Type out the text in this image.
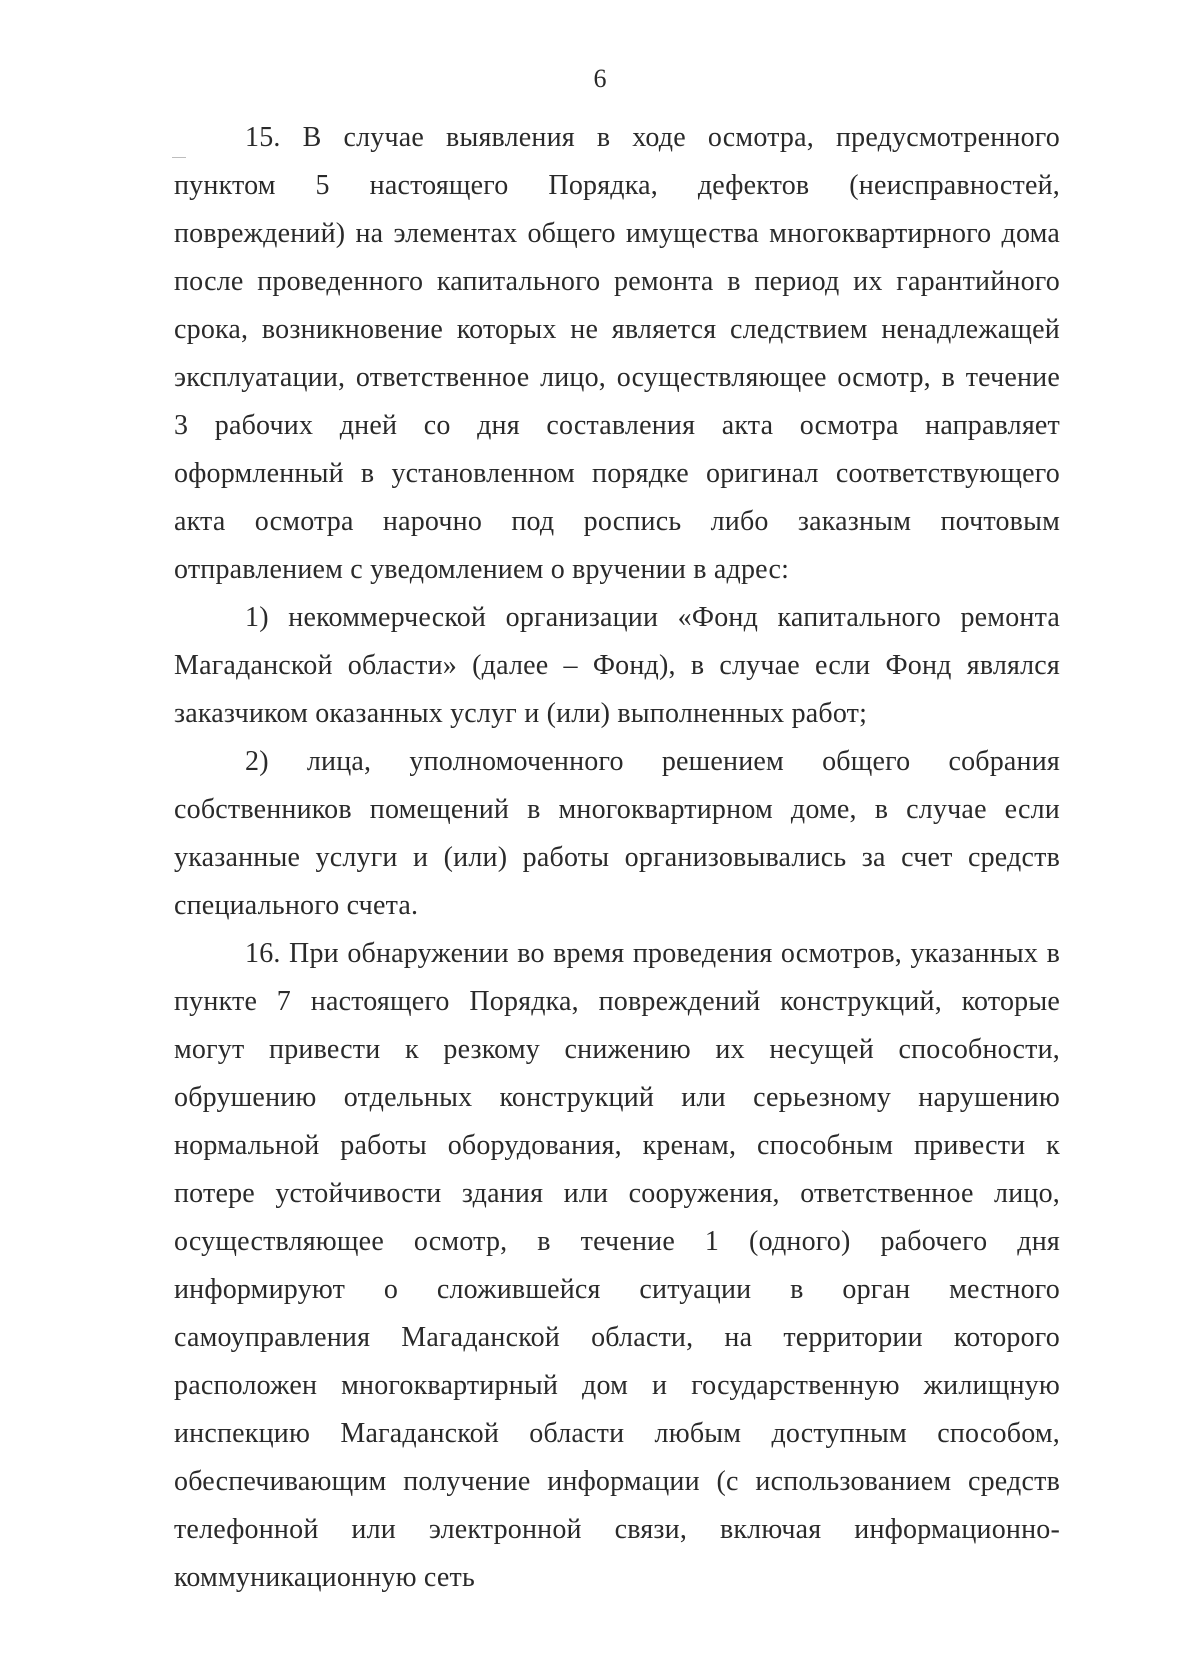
6

15. В случае выявления в ходе осмотра, предусмотренного пунктом 5 настоящего Порядка, дефектов (неисправностей, повреждений) на элементах общего имущества многоквартирного дома после проведенного капитального ремонта в период их гарантийного срока, возникновение которых не является следствием ненадлежащей эксплуатации, ответственное лицо, осуществляющее осмотр, в течение 3 рабочих дней со дня составления акта осмотра направляет оформленный в установленном порядке оригинал соответствующего акта осмотра нарочно под роспись либо заказным почтовым отправлением с уведомлением о вручении в адрес:

1) некоммерческой организации «Фонд капитального ремонта Магаданской области» (далее – Фонд), в случае если Фонд являлся заказчиком оказанных услуг и (или) выполненных работ;

2) лица, уполномоченного решением общего собрания собственников помещений в многоквартирном доме, в случае если указанные услуги и (или) работы организовывались за счет средств специального счета.

16. При обнаружении во время проведения осмотров, указанных в пункте 7 настоящего Порядка, повреждений конструкций, которые могут привести к резкому снижению их несущей способности, обрушению отдельных конструкций или серьезному нарушению нормальной работы оборудования, кренам, способным привести к потере устойчивости здания или сооружения, ответственное лицо, осуществляющее осмотр, в течение 1 (одного) рабочего дня информируют о сложившейся ситуации в орган местного самоуправления Магаданской области, на территории которого расположен многоквартирный дом и государственную жилищную инспекцию Магаданской области любым доступным способом, обеспечивающим получение информации (с использованием средств телефонной или электронной связи, включая информационно-коммуникационную сеть
